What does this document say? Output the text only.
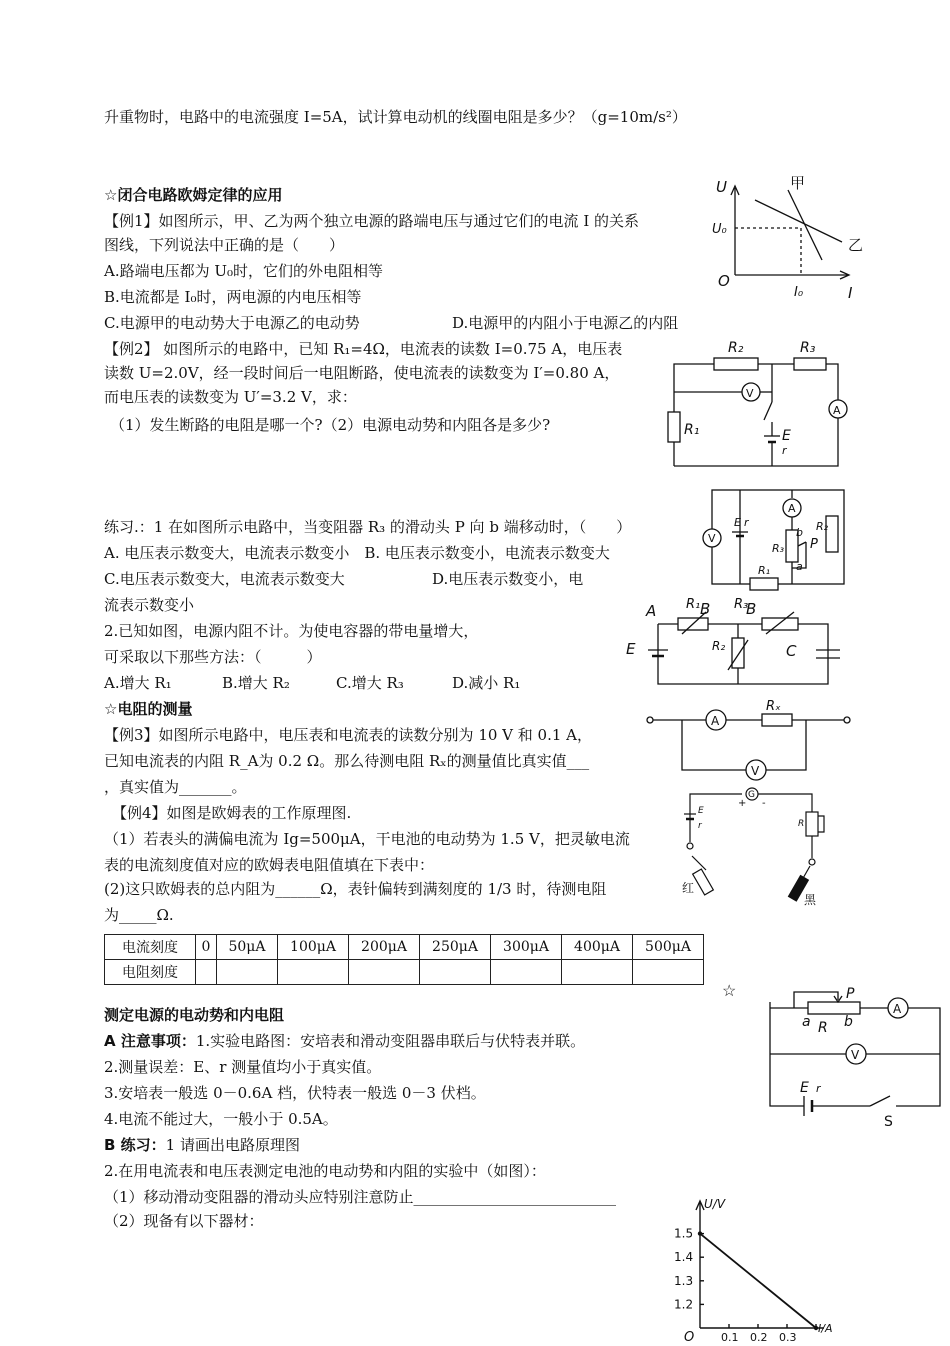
升重物时，电路中的电流强度 I=5A，试计算电动机的线圈电阻是多少？（g=10m/s²）
☆闭合电路欧姆定律的应用
【例1】如图所示，甲、乙为两个独立电源的路端电压与通过它们的电流 I 的关系
图线，下列说法中正确的是（　　）
A.路端电压都为 U₀时，它们的外电阻相等
B.电流都是 I₀时，两电源的内电压相等
C.电源甲的电动势大于电源乙的电动势	D.电源甲的内阻小于电源乙的内阻
【例2】 如图所示的电路中，已知 R₁=4Ω，电流表的读数 I=0.75 A，电压表
读数 U=2.0V，经一段时间后一电阻断路，使电流表的读数变为 I′=0.80 A，
而电压表的读数变为 U′=3.2 V，求：
（1）发生断路的电阻是哪一个?（2）电源电动势和内阻各是多少?
练习.：1 在如图所示电路中，当变阻器 R₃ 的滑动头 P 向 b 端移动时，（　　）
A. 电压表示数变大，电流表示数变小　B. 电压表示数变小，电流表示数变大
C.电压表示数变大，电流表示数变大	D.电压表示数变小，电
流表示数变小
2.已知如图，电源内阻不计。为使电容器的带电量增大，
可采取以下那些方法：（　　　）
A.增大 R₁	B.增大 R₂	C.增大 R₃	D.减小 R₁
☆电阻的测量
【例3】如图所示电路中，电压表和电流表的读数分别为 10 V 和 0.1 A，
已知电流表的内阻 R_A为 0.2 Ω。那么待测电阻 Rₓ的测量值比真实值___
，真实值为_______。
【例4】如图是欧姆表的工作原理图.
（1）若表头的满偏电流为 Ig=500μA，干电池的电动势为 1.5 V，把灵敏电流
表的电流刻度值对应的欧姆表电阻值填在下表中：
(2)这只欧姆表的总内阻为______Ω，表针偏转到满刻度的 1/3 时，待测电阻
为_____Ω.
电流刻度	0	50μA	100μA	200μA	250μA	300μA	400μA	500μA
电阻刻度								
☆
测定电源的电动势和内电阻
A 注意事项：1.实验电路图：安培表和滑动变阻器串联后与伏特表并联。
2.测量误差：E、r 测量值均小于真实值。
3.安培表一般选 0－0.6A 档，伏特表一般选 0－3 伏档。
4.电流不能过大，一般小于 0.5A。
B 练习：1 请画出电路原理图
2.在用电流表和电压表测定电池的电动势和内阻的实验中（如图）：
（1）移动滑动变阻器的滑动头应特别注意防止___________________________
（2）现备有以下器材：
U
U₀
O
I₀	I
甲
乙
R₂	R₃
R₁
V
A
E
r
V
A
E r
R₃
R₂
R₁
b
a
P
A R₁ B R₃
B
R₂
E	C
A
V
Rₓ
G
+ -
E
r	R
红
黑
P
a R b
A
V
E r
S
U/V
I/A
1.2
1.3
1.4
1.5
O 0.1 0.2 0.3
